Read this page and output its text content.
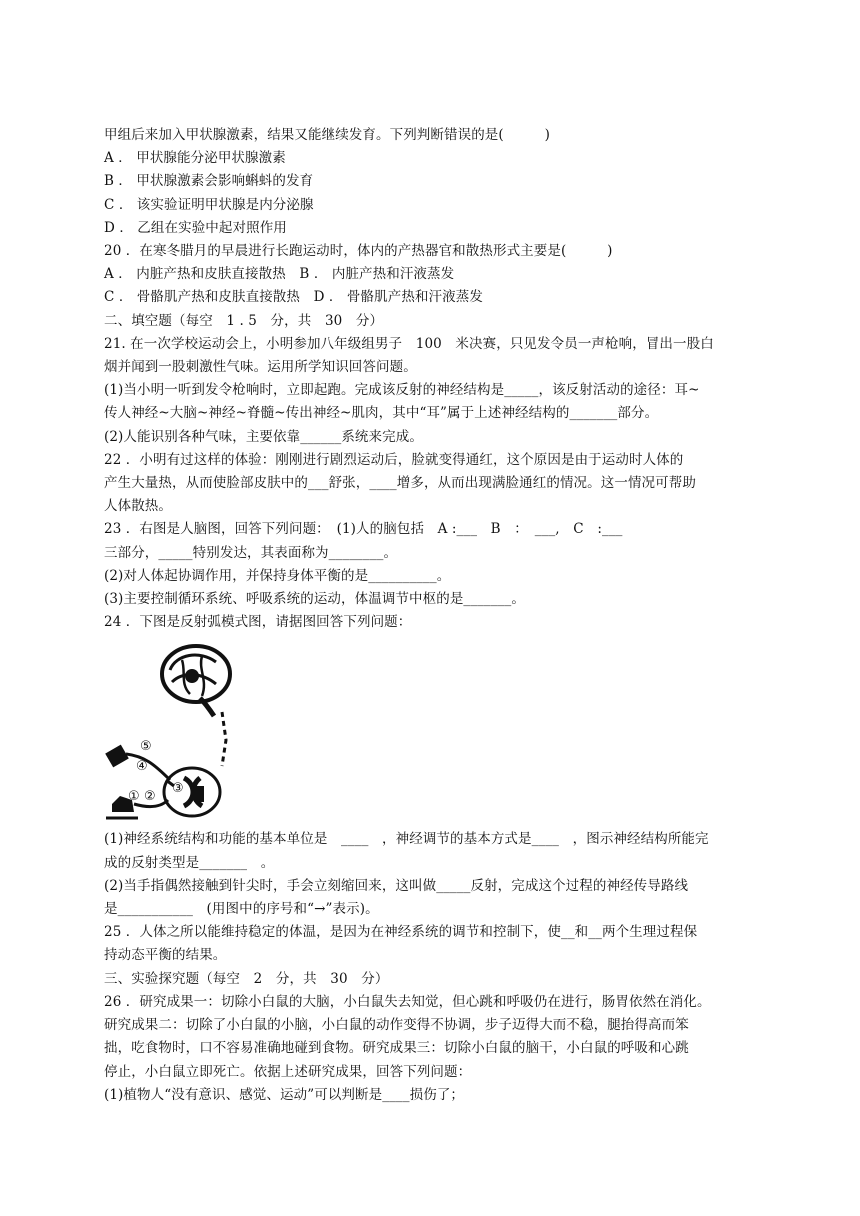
甲组后来加入甲状腺激素，结果又能继续发育。下列判断错误的是(　　　)
A ． 甲状腺能分泌甲状腺激素
B ． 甲状腺激素会影响蝌蚪的发育
C ． 该实验证明甲状腺是内分泌腺
D ． 乙组在实验中起对照作用
20 ．在寒冬腊月的早晨进行长跑运动时，体内的产热器官和散热形式主要是(　　　)
A ． 内脏产热和皮肤直接散热　B ． 内脏产热和汗液蒸发
C ． 骨骼肌产热和皮肤直接散热　D ． 骨骼肌产热和汗液蒸发
二、填空题（每空　1 . 5　分，共　30　分）
21. 在一次学校运动会上，小明参加八年级组男子　100　米决赛，只见发令员一声枪响，冒出一股白
烟并闻到一股刺激性气味。运用所学知识回答问题。
(1)当小明一听到发令枪响时，立即起跑。完成该反射的神经结构是_____，该反射活动的途径：耳~
传人神经~大脑~神经~脊髓~传出神经~肌肉，其中“耳”属于上述神经结构的_______部分。
(2)人能识别各种气味，主要依靠______系统来完成。
22 ．小明有过这样的体验：刚刚进行剧烈运动后，脸就变得通红，这个原因是由于运动时人体的
产生大量热，从而使脸部皮肤中的___舒张，____增多，从而出现满脸通红的情况。这一情况可帮助
人体散热。
23 ．右图是人脑图，回答下列问题：　(1)人的脑包括　A :___　B　：　___,　C　:___
三部分，_____特别发达，其表面称为________。
(2)对人体起协调作用，并保持身体平衡的是__________。
(3)主要控制循环系统、呼吸系统的运动，体温调节中枢的是_______。
24 ．下图是反射弧模式图，请据图回答下列问题：
⑤
④
③
① ②
(1)神经系统结构和功能的基本单位是　____　，神经调节的基本方式是____　，图示神经结构所能完
成的反射类型是_______　。
(2)当手指偶然接触到针尖时，手会立刻缩回来，这叫做_____反射，完成这个过程的神经传导路线
是___________　(用图中的序号和“→”表示)。
25 ．人体之所以能维持稳定的体温，是因为在神经系统的调节和控制下，使__和__两个生理过程保
持动态平衡的结果。
三、实验探究题（每空　2　分，共　30　分）
26 ．研究成果一：切除小白鼠的大脑，小白鼠失去知觉，但心跳和呼吸仍在进行，肠胃依然在消化。
研究成果二：切除了小白鼠的小脑，小白鼠的动作变得不协调，步子迈得大而不稳，腿抬得高而笨
拙，吃食物时，口不容易准确地碰到食物。研究成果三：切除小白鼠的脑干，小白鼠的呼吸和心跳
停止，小白鼠立即死亡。依据上述研究成果，回答下列问题：
(1)植物人“没有意识、感觉、运动”可以判断是____损伤了；
